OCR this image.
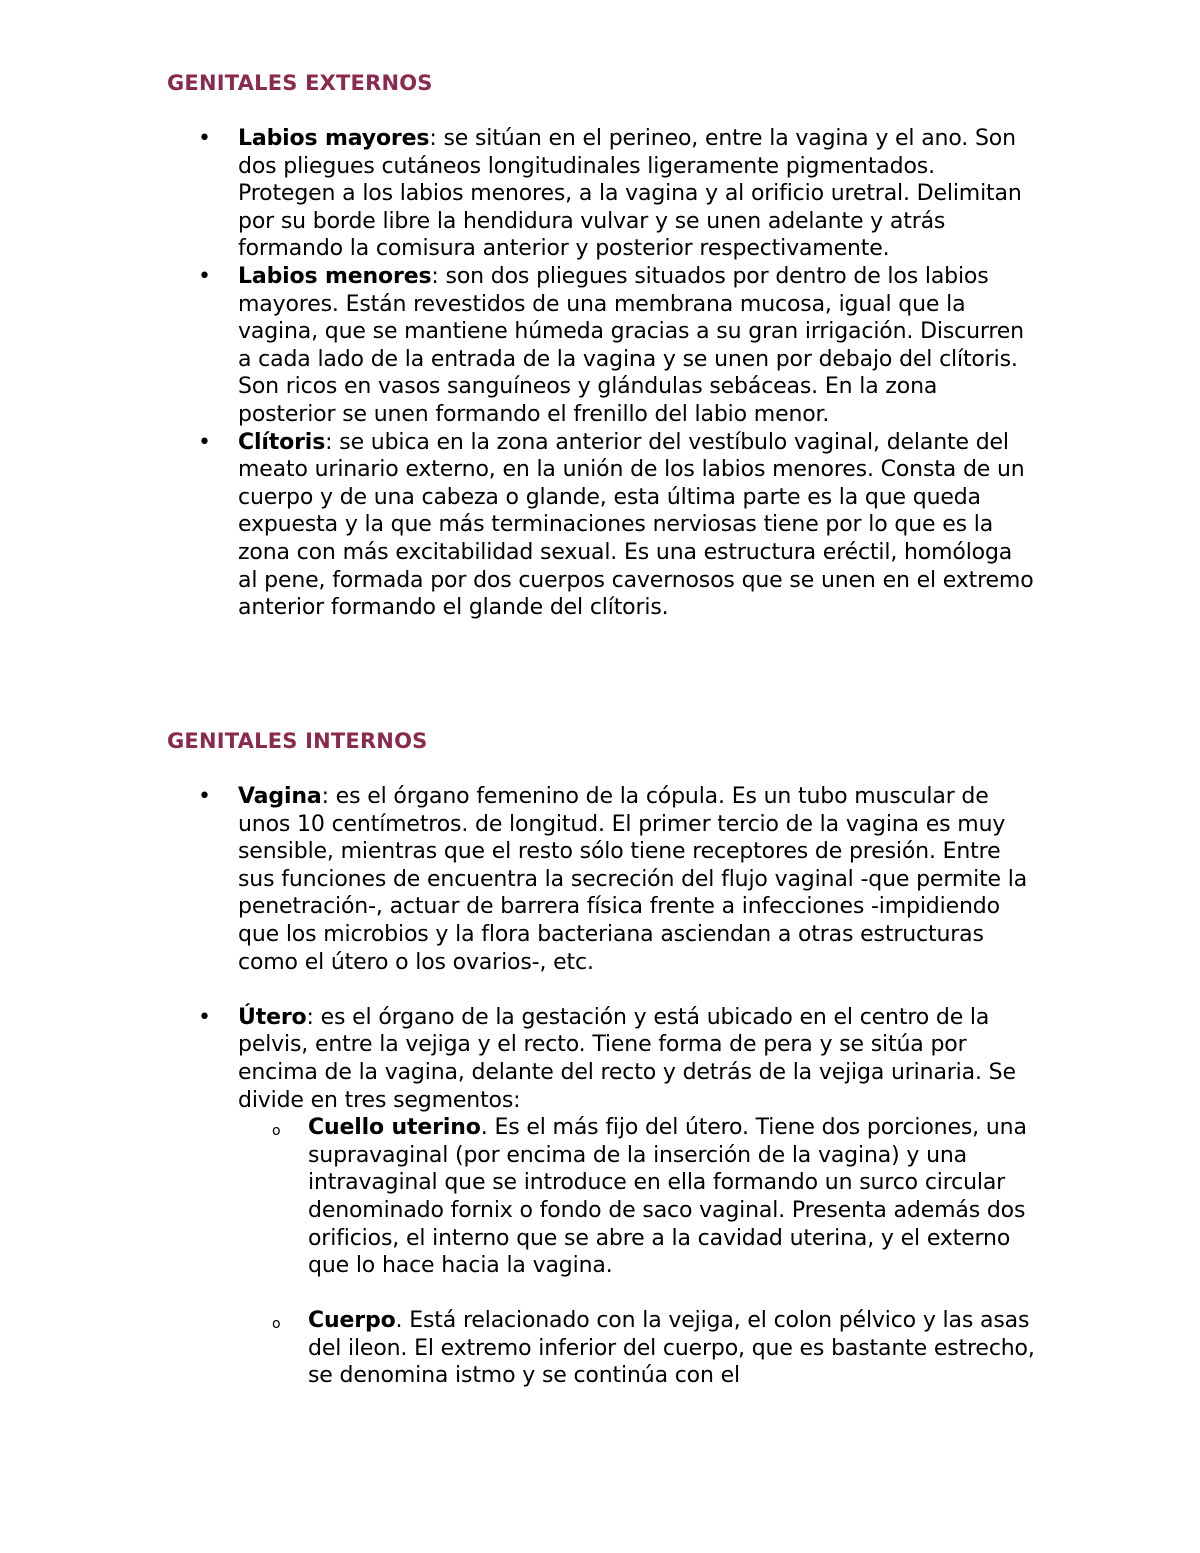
GENITALES EXTERNOS
• Labios mayores: se sitúan en el perineo, entre la vagina y el ano. Son dos pliegues cutáneos longitudinales ligeramente pigmentados. Protegen a los labios menores, a la vagina y al orificio uretral. Delimitan por su borde libre la hendidura vulvar y se unen adelante y atrás formando la comisura anterior y posterior respectivamente.
• Labios menores: son dos pliegues situados por dentro de los labios mayores. Están revestidos de una membrana mucosa, igual que la vagina, que se mantiene húmeda gracias a su gran irrigación. Discurren a cada lado de la entrada de la vagina y se unen por debajo del clítoris. Son ricos en vasos sanguíneos y glándulas sebáceas. En la zona posterior se unen formando el frenillo del labio menor.
• Clítoris: se ubica en la zona anterior del vestíbulo vaginal, delante del meato urinario externo, en la unión de los labios menores. Consta de un cuerpo y de una cabeza o glande, esta última parte es la que queda expuesta y la que más terminaciones nerviosas tiene por lo que es la zona con más excitabilidad sexual. Es una estructura eréctil, homóloga al pene, formada por dos cuerpos cavernosos que se unen en el extremo anterior formando el glande del clítoris.
GENITALES INTERNOS
• Vagina: es el órgano femenino de la cópula. Es un tubo muscular de unos 10 centímetros. de longitud. El primer tercio de la vagina es muy sensible, mientras que el resto sólo tiene receptores de presión. Entre sus funciones de encuentra la secreción del flujo vaginal -que permite la penetración-, actuar de barrera física frente a infecciones -impidiendo que los microbios y la flora bacteriana asciendan a otras estructuras como el útero o los ovarios-, etc.
• Útero: es el órgano de la gestación y está ubicado en el centro de la pelvis, entre la vejiga y el recto. Tiene forma de pera y se sitúa por encima de la vagina, delante del recto y detrás de la vejiga urinaria. Se divide en tres segmentos:
o Cuello uterino. Es el más fijo del útero. Tiene dos porciones, una supravaginal (por encima de la inserción de la vagina) y una intravaginal que se introduce en ella formando un surco circular denominado fornix o fondo de saco vaginal. Presenta además dos orificios, el interno que se abre a la cavidad uterina, y el externo que lo hace hacia la vagina.
o Cuerpo. Está relacionado con la vejiga, el colon pélvico y las asas del ileon. El extremo inferior del cuerpo, que es bastante estrecho, se denomina istmo y se continúa con el
